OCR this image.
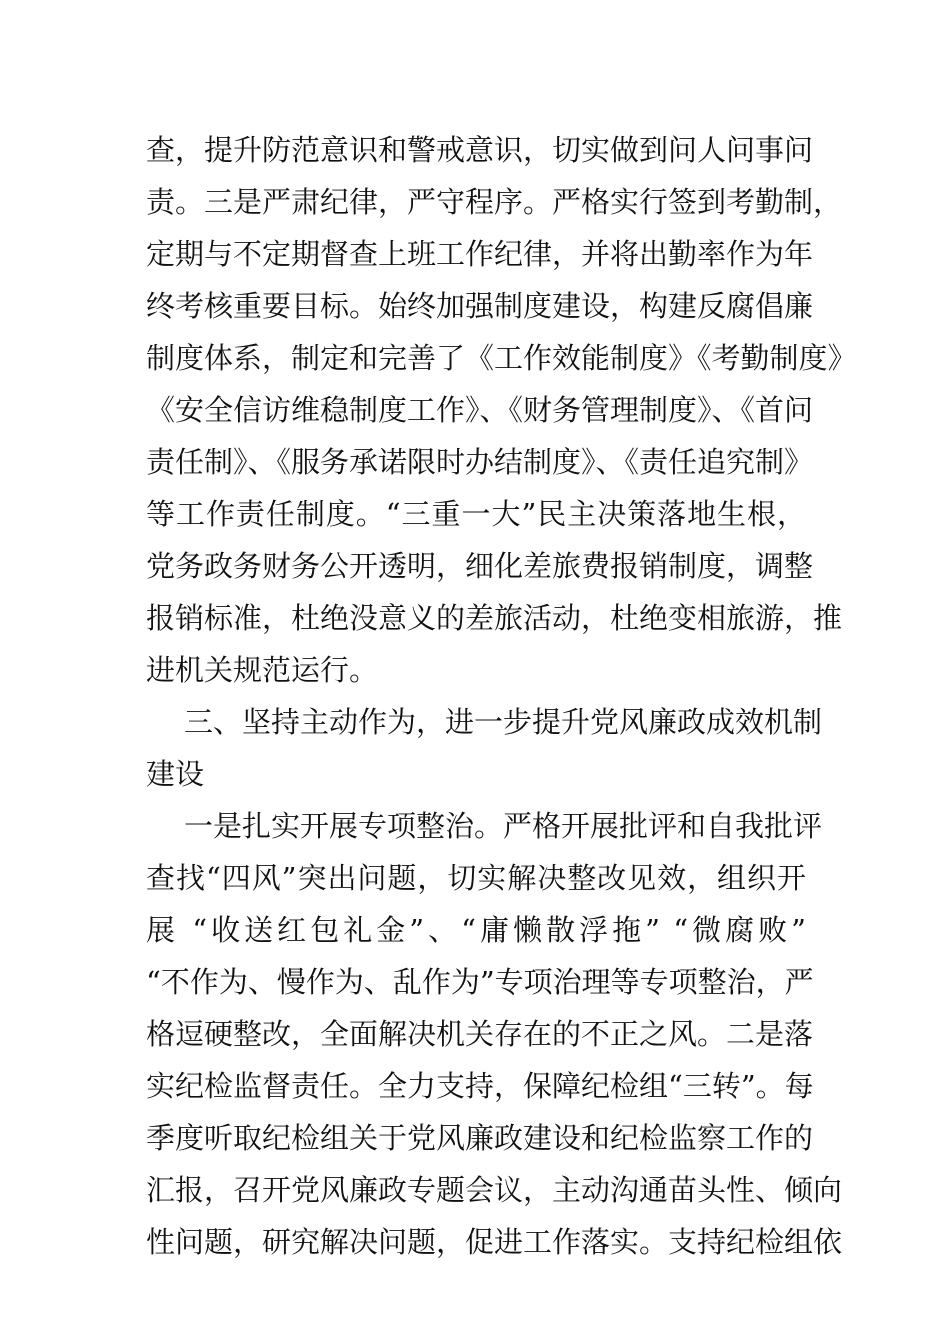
查，提升防范意识和警戒意识，切实做到问人问事问
责。三是严肃纪律，严守程序。严格实行签到考勤制，
定期与不定期督查上班工作纪律，并将出勤率作为年
终考核重要目标。始终加强制度建设，构建反腐倡廉
制度体系，制定和完善了《工作效能制度》《考勤制度》
《安全信访维稳制度工作》、《财务管理制度》、《首问
责任制》、《服务承诺限时办结制度》、《责任追究制》
等工作责任制度。“三重一大”民主决策落地生根，
党务政务财务公开透明，细化差旅费报销制度，调整
报销标准，杜绝没意义的差旅活动，杜绝变相旅游，推
进机关规范运行。
三、坚持主动作为，进一步提升党风廉政成效机制
建设
一是扎实开展专项整治。严格开展批评和自我批评
查找“四风”突出问题，切实解决整改见效，组织开
展 “收送红包礼金”、“庸懒散浮拖” “微腐败”
“不作为、慢作为、乱作为”专项治理等专项整治，严
格逗硬整改，全面解决机关存在的不正之风。二是落
实纪检监督责任。全力支持，保障纪检组“三转”。每
季度听取纪检组关于党风廉政建设和纪检监察工作的
汇报，召开党风廉政专题会议，主动沟通苗头性、倾向
性问题，研究解决问题，促进工作落实。支持纪检组依
